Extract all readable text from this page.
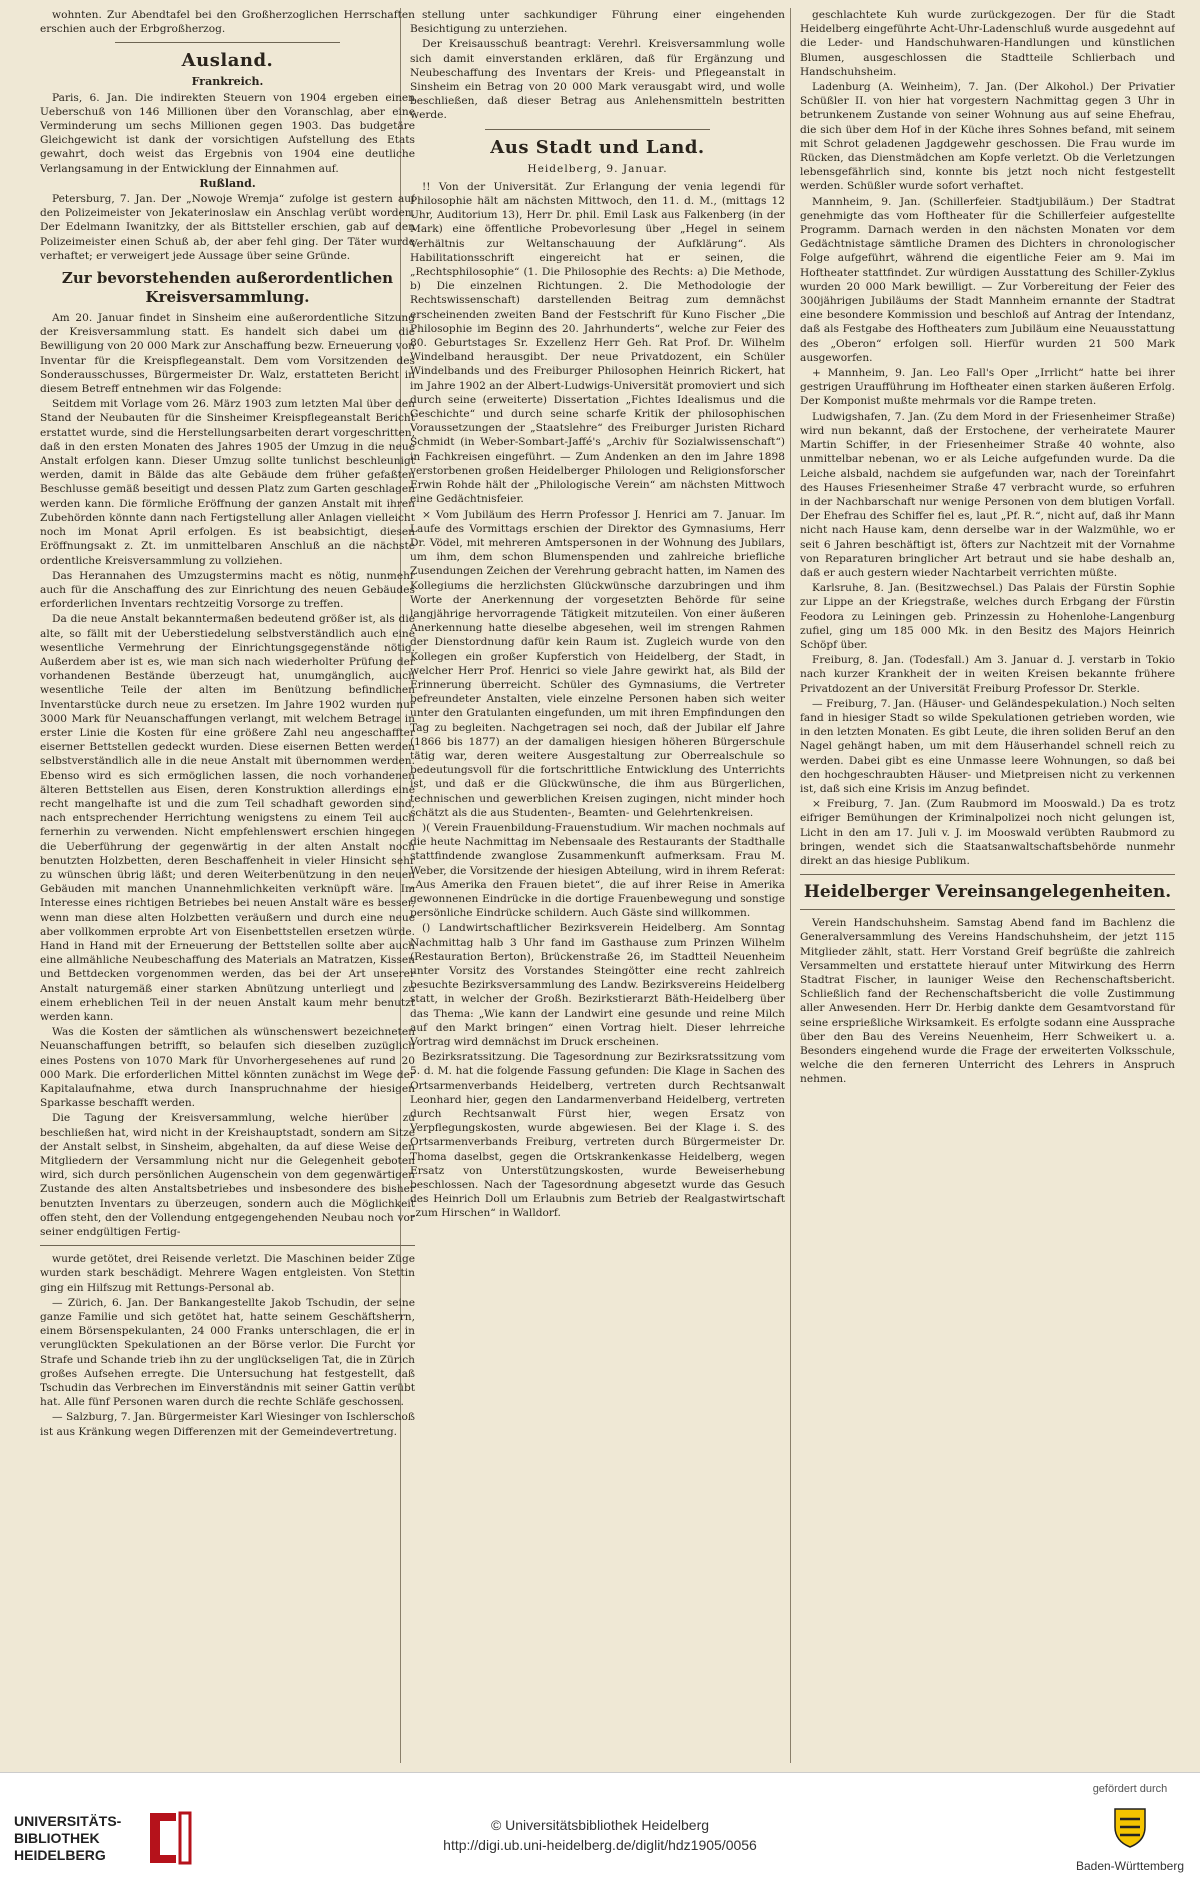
wohnten. Zur Abendtafel bei den Großherzoglichen Herrschaften erschien auch der Erbgroßherzog.

Ausland.
Frankreich.

Paris, 6. Jan. Die indirekten Steuern von 1904 ergeben einen Ueberschuß von 146 Millionen über den Voranschlag, aber eine Verminderung um sechs Millionen gegen 1903. Das budgetäre Gleichgewicht ist dank der vorsichtigen Aufstellung des Etats gewahrt, doch weist das Ergebnis von 1904 eine deutliche Verlangsamung in der Entwicklung der Einnahmen auf.

Rußland.

Petersburg, 7. Jan. Der „Nowoje Wremja“ zufolge ist gestern auf den Polizeimeister von Jekaterinoslaw ein Anschlag verübt worden. Der Edelmann Iwanitzky, der als Bittsteller erschien, gab auf den Polizeimeister einen Schuß ab, der aber fehl ging. Der Täter wurde verhaftet; er verweigert jede Aussage über seine Gründe.

Zur bevorstehenden außerordentlichen Kreisversammlung.

Am 20. Januar findet in Sinsheim eine außerordentliche Sitzung der Kreisversammlung statt. Es handelt sich dabei um die Bewilligung von 20 000 Mark zur Anschaffung bezw. Erneuerung von Inventar für die Kreispflegeanstalt. Dem vom Vorsitzenden des Sonderausschusses, Bürgermeister Dr. Walz, erstatteten Bericht in diesem Betreff entnehmen wir das Folgende:

Seitdem mit Vorlage vom 26. März 1903 zum letzten Mal über den Stand der Neubauten für die Sinsheimer Kreispflegeanstalt Bericht erstattet wurde, sind die Herstellungsarbeiten derart vorgeschritten, daß in den ersten Monaten des Jahres 1905 der Umzug in die neue Anstalt erfolgen kann. Dieser Umzug sollte tunlichst beschleunigt werden, damit in Bälde das alte Gebäude dem früher gefaßten Beschlusse gemäß beseitigt und dessen Platz zum Garten geschlagen werden kann. Die förmliche Eröffnung der ganzen Anstalt mit ihren Zubehörden könnte dann nach Fertigstellung aller Anlagen vielleicht noch im Monat April erfolgen. Es ist beabsichtigt, diesen Eröffnungsakt z. Zt. im unmittelbaren Anschluß an die nächste ordentliche Kreisversammlung zu vollziehen.

Das Herannahen des Umzugstermins macht es nötig, nunmehr auch für die Anschaffung des zur Einrichtung des neuen Gebäudes erforderlichen Inventars rechtzeitig Vorsorge zu treffen.

Da die neue Anstalt bekanntermaßen bedeutend größer ist, als die alte, so fällt mit der Ueberstiedelung selbstverständlich auch eine wesentliche Vermehrung der Einrichtungsgegenstände nötig. Außerdem aber ist es, wie man sich nach wiederholter Prüfung der vorhandenen Bestände überzeugt hat, unumgänglich, auch wesentliche Teile der alten im Benützung befindlichen Inventarstücke durch neue zu ersetzen. Im Jahre 1902 wurden nur 3000 Mark für Neuanschaffungen verlangt, mit welchem Betrage in erster Linie die Kosten für eine größere Zahl neu angeschaffter eiserner Bettstellen gedeckt wurden. Diese eisernen Betten werden selbstverständlich alle in die neue Anstalt mit übernommen werden. Ebenso wird es sich ermöglichen lassen, die noch vorhandenen älteren Bettstellen aus Eisen, deren Konstruktion allerdings eine recht mangelhafte ist und die zum Teil schadhaft geworden sind, nach entsprechender Herrichtung wenigstens zu einem Teil auch fernerhin zu verwenden. Nicht empfehlenswert erschien hingegen die Ueberführung der gegenwärtig in der alten Anstalt noch benutzten Holzbetten, deren Beschaffenheit in vieler Hinsicht sehr zu wünschen übrig läßt; und deren Weiterbenützung in den neuen Gebäuden mit manchen Unannehmlichkeiten verknüpft wäre. Im Interesse eines richtigen Betriebes bei neuen Anstalt wäre es besser, wenn man diese alten Holzbetten veräußern und durch eine neue aber vollkommen erprobte Art von Eisenbettstellen ersetzen würde. Hand in Hand mit der Erneuerung der Bettstellen sollte aber auch eine allmähliche Neubeschaffung des Materials an Matratzen, Kissen und Bettdecken vorgenommen werden, das bei der Art unserer Anstalt naturgemäß einer starken Abnützung unterliegt und zu einem erheblichen Teil in der neuen Anstalt kaum mehr benutzt werden kann.

Was die Kosten der sämtlichen als wünschenswert bezeichneten Neuanschaffungen betrifft, so belaufen sich dieselben zuzüglich eines Postens von 1070 Mark für Unvorhergesehenes auf rund 20 000 Mark. Die erforderlichen Mittel könnten zunächst im Wege der Kapitalaufnahme, etwa durch Inanspruchnahme der hiesigen Sparkasse beschafft werden.

Die Tagung der Kreisversammlung, welche hierüber zu beschließen hat, wird nicht in der Kreishauptstadt, sondern am Sitze der Anstalt selbst, in Sinsheim, abgehalten, da auf diese Weise den Mitgliedern der Versammlung nicht nur die Gelegenheit geboten wird, sich durch persönlichen Augenschein von dem gegenwärtigen Zustande des alten Anstaltsbetriebes und insbesondere des bisher benutzten Inventars zu überzeugen, sondern auch die Möglichkeit offen steht, den der Vollendung entgegengehenden Neubau noch vor seiner endgültigen Fertig-

wurde getötet, drei Reisende verletzt. Die Maschinen beider Züge wurden stark beschädigt. Mehrere Wagen entgleisten. Von Stettin ging ein Hilfszug mit Rettungs-Personal ab.

— Zürich, 6. Jan. Der Bankangestellte Jakob Tschudin, der seine ganze Familie und sich getötet hat, hatte seinem Geschäftsherrn, einem Börsenspekulanten, 24 000 Franks unterschlagen, die er in verunglückten Spekulationen an der Börse verlor. Die Furcht vor Strafe und Schande trieb ihn zu der unglückseligen Tat, die in Zürich großes Aufsehen erregte. Die Untersuchung hat festgestellt, daß Tschudin das Verbrechen im Einverständnis mit seiner Gattin verübt hat. Alle fünf Personen waren durch die rechte Schläfe geschossen.

— Salzburg, 7. Jan. Bürgermeister Karl Wiesinger von Ischlerschoß ist aus Kränkung wegen Differenzen mit der Gemeindevertretung.

stellung unter sachkundiger Führung einer eingehenden Besichtigung zu unterziehen.

Der Kreisausschuß beantragt: Verehrl. Kreisversammlung wolle sich damit einverstanden erklären, daß für Ergänzung und Neubeschaffung des Inventars der Kreis- und Pflegeanstalt in Sinsheim ein Betrag von 20 000 Mark verausgabt wird, und wolle beschließen, daß dieser Betrag aus Anlehensmitteln bestritten werde.

Aus Stadt und Land.
Heidelberg, 9. Januar.

!! Von der Universität. Zur Erlangung der venia legendi für Philosophie hält am nächsten Mittwoch, den 11. d. M., (mittags 12 Uhr, Auditorium 13), Herr Dr. phil. Emil Lask aus Falkenberg (in der Mark) eine öffentliche Probevorlesung über „Hegel in seinem Verhältnis zur Weltanschauung der Aufklärung“. Als Habilitationsschrift eingereicht hat er seinen, die „Rechtsphilosophie“ (1. Die Philosophie des Rechts: a) Die Methode, b) Die einzelnen Richtungen. 2. Die Methodologie der Rechtswissenschaft) darstellenden Beitrag zum demnächst erscheinenden zweiten Band der Festschrift für Kuno Fischer „Die Philosophie im Beginn des 20. Jahrhunderts“, welche zur Feier des 80. Geburtstages Sr. Exzellenz Herr Geh. Rat Prof. Dr. Wilhelm Windelband herausgibt. Der neue Privatdozent, ein Schüler Windelbands und des Freiburger Philosophen Heinrich Rickert, hat im Jahre 1902 an der Albert-Ludwigs-Universität promoviert und sich durch seine (erweiterte) Dissertation „Fichtes Idealismus und die Geschichte“ und durch seine scharfe Kritik der philosophischen Voraussetzungen der „Staatslehre“ des Freiburger Juristen Richard Schmidt (in Weber-Sombart-Jaffé's „Archiv für Sozialwissenschaft“) in Fachkreisen eingeführt. — Zum Andenken an den im Jahre 1898 verstorbenen großen Heidelberger Philologen und Religionsforscher Erwin Rohde hält der „Philologische Verein“ am nächsten Mittwoch eine Gedächtnisfeier.

× Vom Jubiläum des Herrn Professor J. Henrici am 7. Januar. Im Laufe des Vormittags erschien der Direktor des Gymnasiums, Herr Dr. Vödel, mit mehreren Amtspersonen in der Wohnung des Jubilars, um ihm, dem schon Blumenspenden und zahlreiche briefliche Zusendungen Zeichen der Verehrung gebracht hatten, im Namen des Kollegiums die herzlichsten Glückwünsche darzubringen und ihm Worte der Anerkennung der vorgesetzten Behörde für seine langjährige hervorragende Tätigkeit mitzuteilen. Von einer äußeren Anerkennung hatte dieselbe abgesehen, weil im strengen Rahmen der Dienstordnung dafür kein Raum ist. Zugleich wurde von den Kollegen ein großer Kupferstich von Heidelberg, der Stadt, in welcher Herr Prof. Henrici so viele Jahre gewirkt hat, als Bild der Erinnerung überreicht. Schüler des Gymnasiums, die Vertreter befreundeter Anstalten, viele einzelne Personen haben sich weiter unter den Gratulanten eingefunden, um mit ihren Empfindungen den Tag zu begleiten. Nachgetragen sei noch, daß der Jubilar elf Jahre (1866 bis 1877) an der damaligen hiesigen höheren Bürgerschule tätig war, deren weitere Ausgestaltung zur Oberrealschule so bedeutungsvoll für die fortschrittliche Entwicklung des Unterrichts ist, und daß er die Glückwünsche, die ihm aus Bürgerlichen, technischen und gewerblichen Kreisen zugingen, nicht minder hoch schätzt als die aus Studenten-, Beamten- und Gelehrtenkreisen.

)( Verein Frauenbildung-Frauenstudium. Wir machen nochmals auf die heute Nachmittag im Nebensaale des Restaurants der Stadthalle stattfindende zwanglose Zusammenkunft aufmerksam. Frau M. Weber, die Vorsitzende der hiesigen Abteilung, wird in ihrem Referat: „Aus Amerika den Frauen bietet“, die auf ihrer Reise in Amerika gewonnenen Eindrücke in die dortige Frauenbewegung und sonstige persönliche Eindrücke schildern. Auch Gäste sind willkommen.

() Landwirtschaftlicher Bezirksverein Heidelberg. Am Sonntag Nachmittag halb 3 Uhr fand im Gasthause zum Prinzen Wilhelm (Restauration Berton), Brückenstraße 26, im Stadtteil Neuenheim unter Vorsitz des Vorstandes Steingötter eine recht zahlreich besuchte Bezirksversammlung des Landw. Bezirksvereins Heidelberg statt, in welcher der Großh. Bezirkstierarzt Bäth-Heidelberg über das Thema: „Wie kann der Landwirt eine gesunde und reine Milch auf den Markt bringen“ einen Vortrag hielt. Dieser lehrreiche Vortrag wird demnächst im Druck erscheinen.

Bezirksratssitzung. Die Tagesordnung zur Bezirksratssitzung vom 5. d. M. hat die folgende Fassung gefunden: Die Klage in Sachen des Ortsarmenverbands Heidelberg, vertreten durch Rechtsanwalt Leonhard hier, gegen den Landarmenverband Heidelberg, vertreten durch Rechtsanwalt Fürst hier, wegen Ersatz von Verpflegungskosten, wurde abgewiesen. Bei der Klage i. S. des Ortsarmenverbands Freiburg, vertreten durch Bürgermeister Dr. Thoma daselbst, gegen die Ortskrankenkasse Heidelberg, wegen Ersatz von Unterstützungskosten, wurde Beweiserhebung beschlossen. Nach der Tagesordnung abgesetzt wurde das Gesuch des Heinrich Doll um Erlaubnis zum Betrieb der Realgastwirtschaft „zum Hirschen“ in Walldorf.

geschlachtete Kuh wurde zurückgezogen. Der für die Stadt Heidelberg eingeführte Acht-Uhr-Ladenschluß wurde ausgedehnt auf die Leder- und Handschuhwaren-Handlungen und künstlichen Blumen, ausgeschlossen die Stadtteile Schlierbach und Handschuhsheim.

Ladenburg (A. Weinheim), 7. Jan. (Der Alkohol.) Der Privatier Schüßler II. von hier hat vorgestern Nachmittag gegen 3 Uhr in betrunkenem Zustande von seiner Wohnung aus auf seine Ehefrau, die sich über dem Hof in der Küche ihres Sohnes befand, mit seinem mit Schrot geladenen Jagdgewehr geschossen. Die Frau wurde im Rücken, das Dienstmädchen am Kopfe verletzt. Ob die Verletzungen lebensgefährlich sind, konnte bis jetzt noch nicht festgestellt werden. Schüßler wurde sofort verhaftet.

Mannheim, 9. Jan. (Schillerfeier. Stadtjubiläum.) Der Stadtrat genehmigte das vom Hoftheater für die Schillerfeier aufgestellte Programm. Darnach werden in den nächsten Monaten vor dem Gedächtnistage sämtliche Dramen des Dichters in chronologischer Folge aufgeführt, während die eigentliche Feier am 9. Mai im Hoftheater stattfindet. Zur würdigen Ausstattung des Schiller-Zyklus wurden 20 000 Mark bewilligt. — Zur Vorbereitung der Feier des 300jährigen Jubiläums der Stadt Mannheim ernannte der Stadtrat eine besondere Kommission und beschloß auf Antrag der Intendanz, daß als Festgabe des Hoftheaters zum Jubiläum eine Neuausstattung des „Oberon“ erfolgen soll. Hierfür wurden 21 500 Mark ausgeworfen.

+ Mannheim, 9. Jan. Leo Fall's Oper „Irrlicht“ hatte bei ihrer gestrigen Uraufführung im Hoftheater einen starken äußeren Erfolg. Der Komponist mußte mehrmals vor die Rampe treten.

Ludwigshafen, 7. Jan. (Zu dem Mord in der Friesenheimer Straße) wird nun bekannt, daß der Erstochene, der verheiratete Maurer Martin Schiffer, in der Friesenheimer Straße 40 wohnte, also unmittelbar nebenan, wo er als Leiche aufgefunden wurde. Da die Leiche alsbald, nachdem sie aufgefunden war, nach der Toreinfahrt des Hauses Friesenheimer Straße 47 verbracht wurde, so erfuhren in der Nachbarschaft nur wenige Personen von dem blutigen Vorfall. Der Ehefrau des Schiffer fiel es, laut „Pf. R.“, nicht auf, daß ihr Mann nicht nach Hause kam, denn derselbe war in der Walzmühle, wo er seit 6 Jahren beschäftigt ist, öfters zur Nachtzeit mit der Vornahme von Reparaturen bringlicher Art betraut und sie habe deshalb an, daß er auch gestern wieder Nachtarbeit verrichten müßte.

Karlsruhe, 8. Jan. (Besitzwechsel.) Das Palais der Fürstin Sophie zur Lippe an der Kriegstraße, welches durch Erbgang der Fürstin Feodora zu Leiningen geb. Prinzessin zu Hohenlohe-Langenburg zufiel, ging um 185 000 Mk. in den Besitz des Majors Heinrich Schöpf über.

Freiburg, 8. Jan. (Todesfall.) Am 3. Januar d. J. verstarb in Tokio nach kurzer Krankheit der in weiten Kreisen bekannte frühere Privatdozent an der Universität Freiburg Professor Dr. Sterkle.

— Freiburg, 7. Jan. (Häuser- und Geländespekulation.) Noch selten fand in hiesiger Stadt so wilde Spekulationen getrieben worden, wie in den letzten Monaten. Es gibt Leute, die ihren soliden Beruf an den Nagel gehängt haben, um mit dem Häuserhandel schnell reich zu werden. Dabei gibt es eine Unmasse leere Wohnungen, so daß bei den hochgeschraubten Häuser- und Mietpreisen nicht zu verkennen ist, daß sich eine Krisis im Anzug befindet.

× Freiburg, 7. Jan. (Zum Raubmord im Mooswald.) Da es trotz eifriger Bemühungen der Kriminalpolizei noch nicht gelungen ist, Licht in den am 17. Juli v. J. im Mooswald verübten Raubmord zu bringen, wendet sich die Staatsanwaltschaftsbehörde nunmehr direkt an das hiesige Publikum.

Heidelberger Vereinsangelegenheiten.

Verein Handschuhsheim. Samstag Abend fand im Bachlenz die Generalversammlung des Vereins Handschuhsheim, der jetzt 115 Mitglieder zählt, statt. Herr Vorstand Greif begrüßte die zahlreich Versammelten und erstattete hierauf unter Mitwirkung des Herrn Stadtrat Fischer, in launiger Weise den Rechenschaftsbericht. Schließlich fand der Rechenschaftsbericht die volle Zustimmung aller Anwesenden. Herr Dr. Herbig dankte dem Gesamtvorstand für seine ersprießliche Wirksamkeit. Es erfolgte sodann eine Aussprache über den Bau des Vereins Neuenheim, Herr Schweikert u. a. Besonders eingehend wurde die Frage der erweiterten Volksschule, welche die den ferneren Unterricht des Lehrers in Anspruch nehmen.

UNIVERSITÄTS-
BIBLIOTHEK
HEIDELBERG
© Universitätsbibliothek Heidelberg
http://digi.ub.uni-heidelberg.de/diglit/hdz1905/0056
gefördert durch
Baden-Württemberg
